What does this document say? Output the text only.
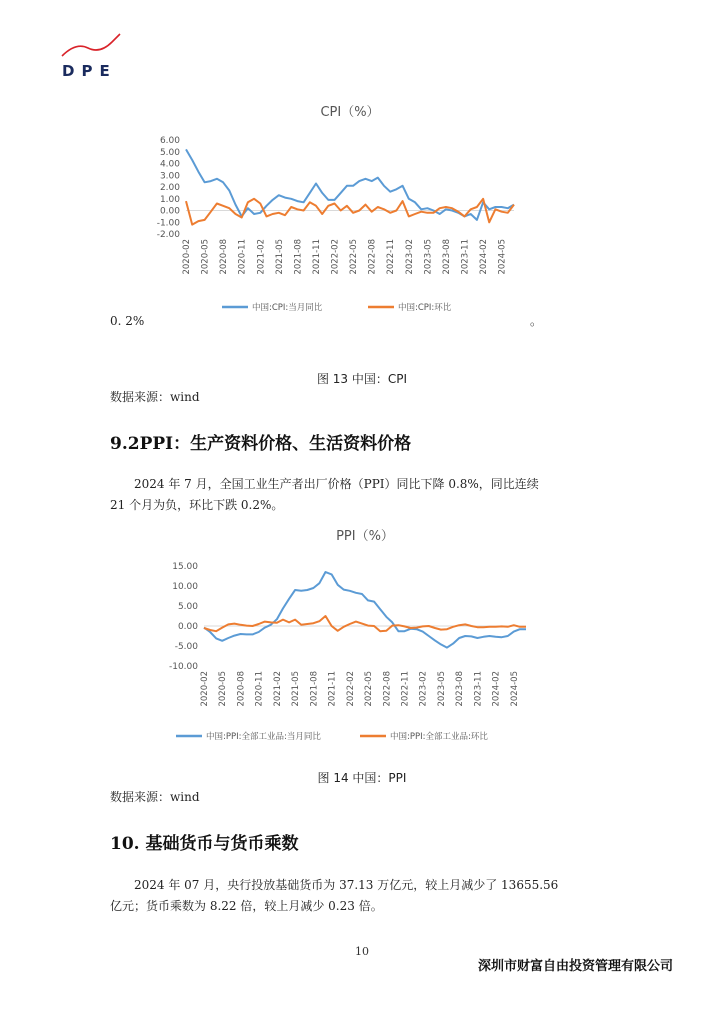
DPE
CPI（%）
6.00
5.00
4.00
3.00
2.00
1.00
0.00
-1.00
-2.00
2020-02 2020-05 2020-08 2020-11 2021-02 2021-05 2021-08 2021-11 2022-02 2022-05 2022-08 2022-11 2023-02 2023-05 2023-08 2023-11 2024-02 2024-05
中国:CPI:当月同比	中国:CPI:环比
0. 2%	。
图 13 中国：CPI
数据来源：wind
9.2PPI：生产资料价格、生活资料价格
2024 年 7 月，全国工业生产者出厂价格（PPI）同比下降 0.8%，同比连续
21 个月为负，环比下跌 0.2%。
PPI（%）
15.00
10.00
5.00
0.00
-5.00
-10.00
2020-02 2020-05 2020-08 2020-11 2021-02 2021-05 2021-08 2021-11 2022-02 2022-05 2022-08 2022-11 2023-02 2023-05 2023-08 2023-11 2024-02 2024-05
中国:PPI:全部工业品:当月同比	中国:PPI:全部工业品:环比
图 14 中国：PPI
数据来源：wind
10. 基础货币与货币乘数
2024 年 07 月，央行投放基础货币为 37.13 万亿元，较上月减少了 13655.56
亿元；货币乘数为 8.22 倍，较上月减少 0.23 倍。
10
深圳市财富自由投资管理有限公司
